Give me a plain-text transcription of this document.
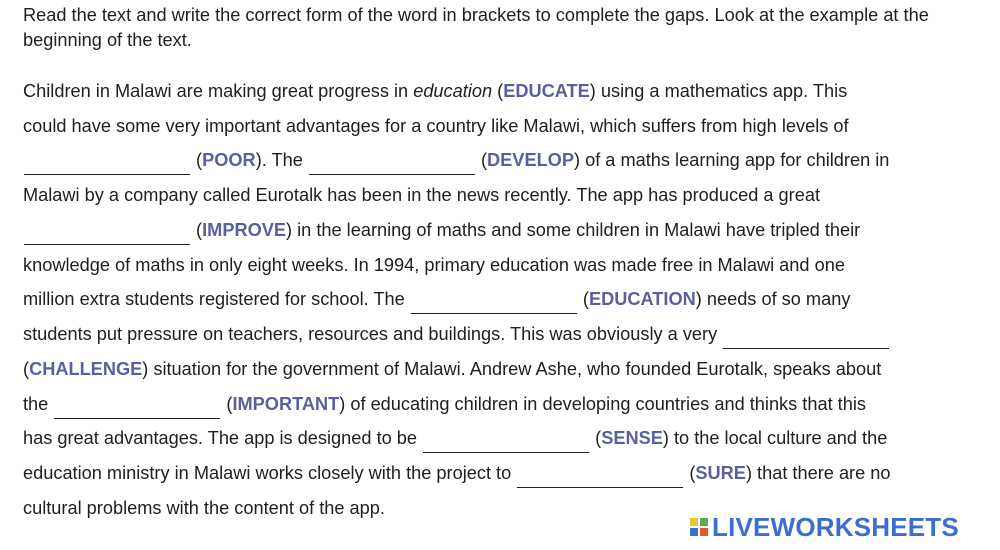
Read the text and write the correct form of the word in brackets to complete the gaps. Look at the example at the beginning of the text.

Children in Malawi are making great progress in education (EDUCATE) using a mathematics app. This
could have some very important advantages for a country like Malawi, which suffers from high levels of
(POOR). The	(DEVELOP) of a maths learning app for children in
Malawi by a company called Eurotalk has been in the news recently. The app has produced a great
(IMPROVE) in the learning of maths and some children in Malawi have tripled their
knowledge of maths in only eight weeks. In 1994, primary education was made free in Malawi and one
million extra students registered for school. The	(EDUCATION) needs of so many
students put pressure on teachers, resources and buildings. This was obviously a very
(CHALLENGE) situation for the government of Malawi. Andrew Ashe, who founded Eurotalk, speaks about
the	(IMPORTANT) of educating children in developing countries and thinks that this
has great advantages. The app is designed to be	(SENSE) to the local culture and the
education ministry in Malawi works closely with the project to	(SURE) that there are no
cultural problems with the content of the app.
LIVEWORKSHEETS
